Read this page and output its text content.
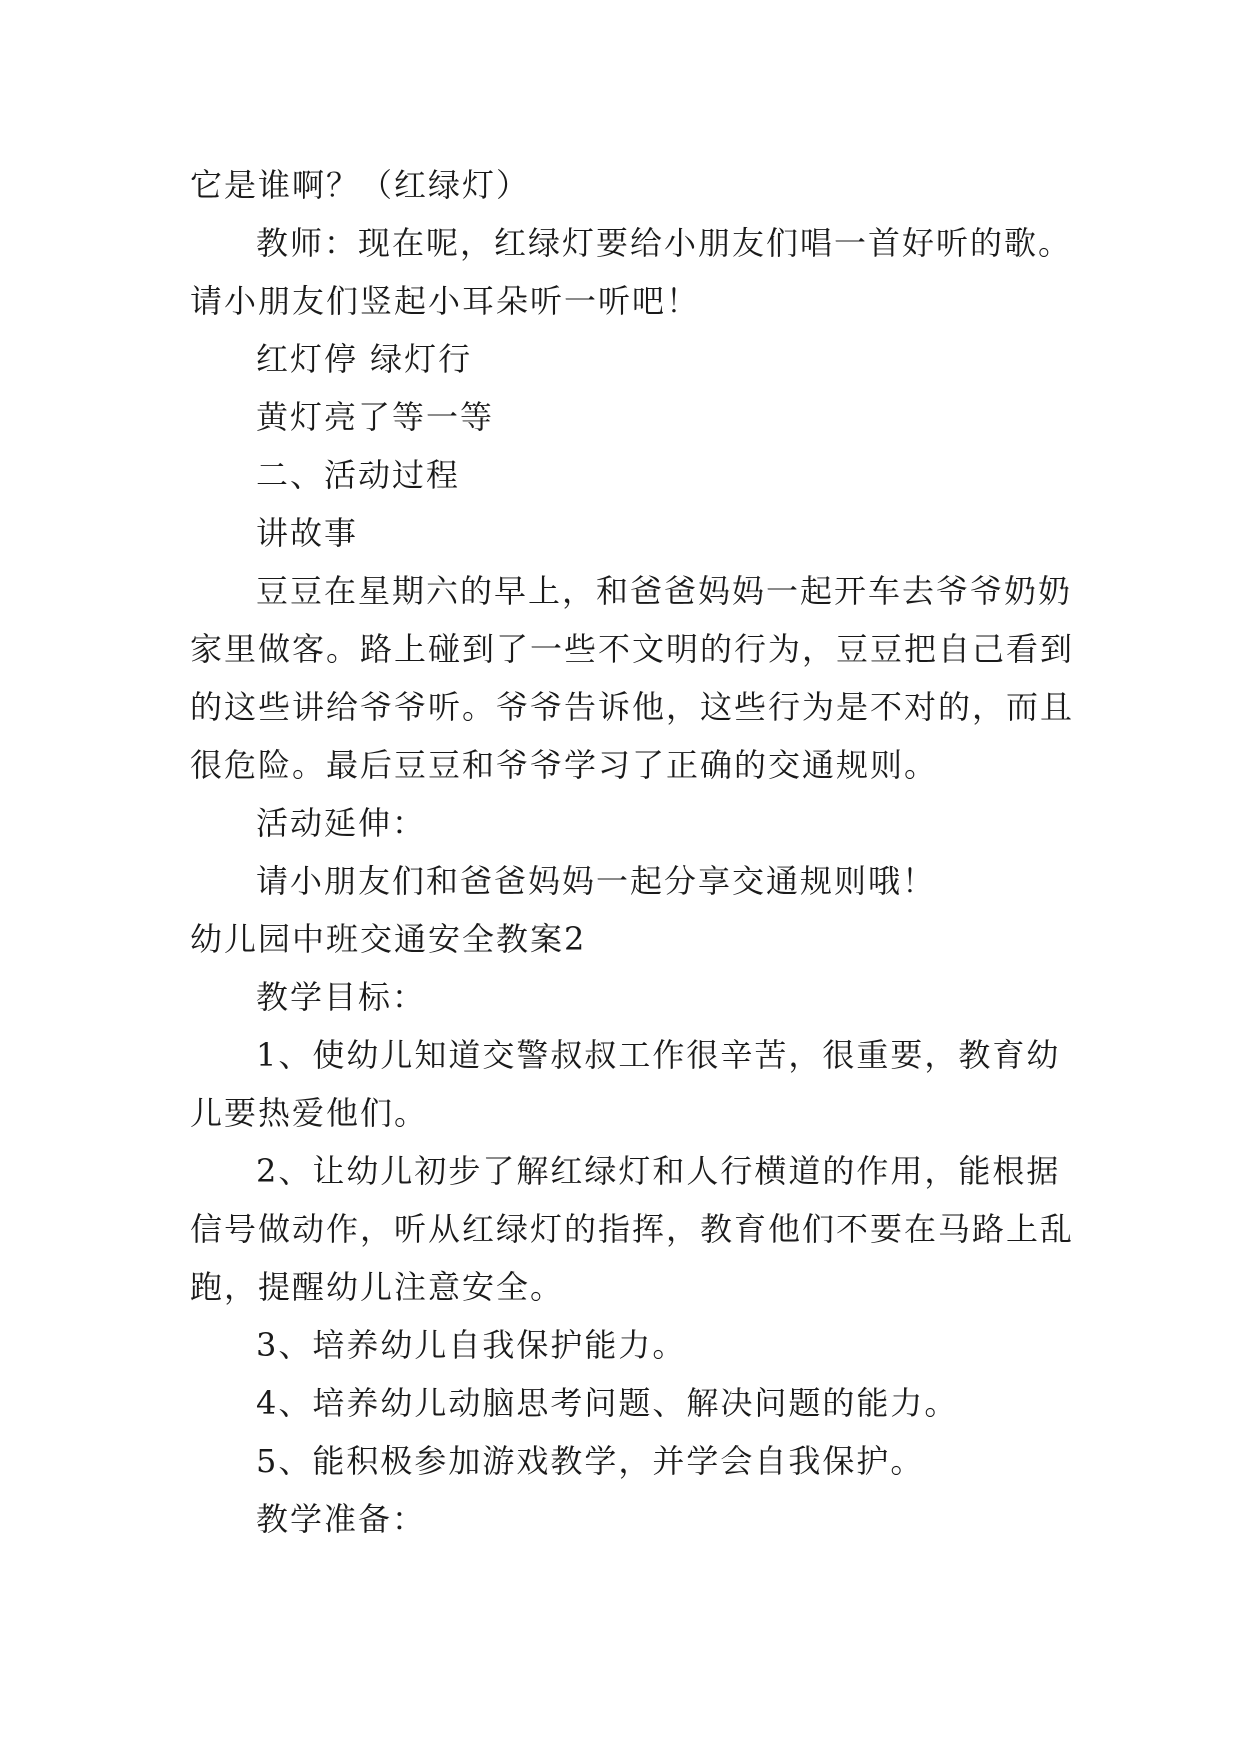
它是谁啊？（红绿灯）
教师：现在呢，红绿灯要给小朋友们唱一首好听的歌。
请小朋友们竖起小耳朵听一听吧！
红灯停 绿灯行
黄灯亮了等一等
二、活动过程
讲故事
豆豆在星期六的早上，和爸爸妈妈一起开车去爷爷奶奶
家里做客。路上碰到了一些不文明的行为，豆豆把自己看到
的这些讲给爷爷听。爷爷告诉他，这些行为是不对的，而且
很危险。最后豆豆和爷爷学习了正确的交通规则。
活动延伸：
请小朋友们和爸爸妈妈一起分享交通规则哦！
幼儿园中班交通安全教案2
教学目标：
1、使幼儿知道交警叔叔工作很辛苦，很重要，教育幼
儿要热爱他们。
2、让幼儿初步了解红绿灯和人行横道的作用，能根据
信号做动作，听从红绿灯的指挥，教育他们不要在马路上乱
跑，提醒幼儿注意安全。
3、培养幼儿自我保护能力。
4、培养幼儿动脑思考问题、解决问题的能力。
5、能积极参加游戏教学，并学会自我保护。
教学准备：
